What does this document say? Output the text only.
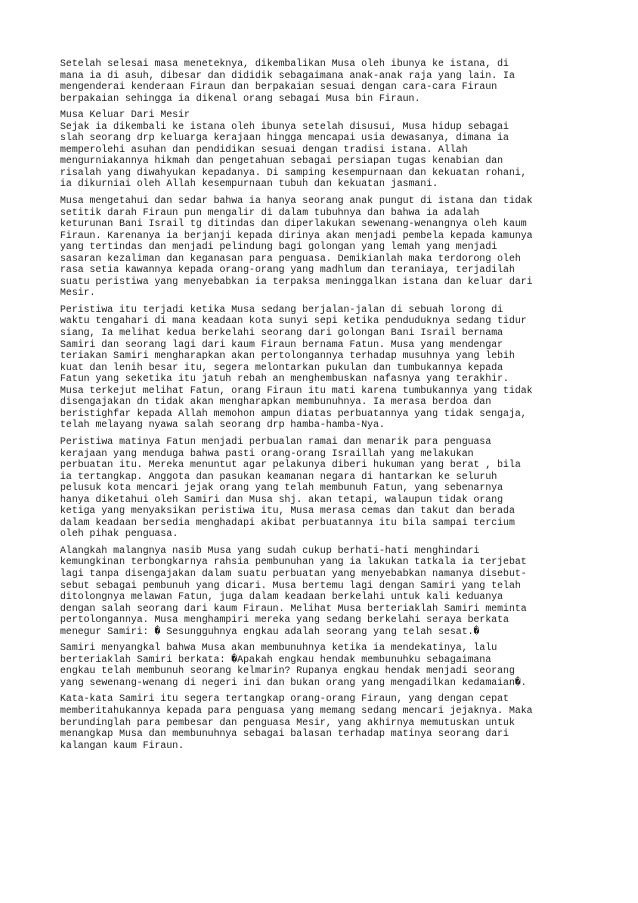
Setelah selesai masa meneteknya, dikembalikan Musa oleh ibunya ke istana, di
mana ia di asuh, dibesar dan dididik sebagaimana anak-anak raja yang lain. Ia
mengenderai kenderaan Firaun dan berpakaian sesuai dengan cara-cara Firaun
berpakaian sehingga ia dikenal orang sebagai Musa bin Firaun.

Musa Keluar Dari Mesir
Sejak ia dikembali ke istana oleh ibunya setelah disusui, Musa hidup sebagai
slah seorang drp keluarga kerajaan hingga mencapai usia dewasanya, dimana ia
memperolehi asuhan dan pendidikan sesuai dengan tradisi istana. Allah
mengurniakannya hikmah dan pengetahuan sebagai persiapan tugas kenabian dan
risalah yang diwahyukan kepadanya. Di samping kesempurnaan dan kekuatan rohani,
ia dikurniai oleh Allah kesempurnaan tubuh dan kekuatan jasmani.

Musa mengetahui dan sedar bahwa ia hanya seorang anak pungut di istana dan tidak
setitik darah Firaun pun mengalir di dalam tubuhnya dan bahwa ia adalah
keturunan Bani Israil tg ditindas dan diperlakukan sewenang-wenangnya oleh kaum
Firaun. Karenanya ia berjanji kepada dirinya akan menjadi pembela kepada kamunya
yang tertindas dan menjadi pelindung bagi golongan yang lemah yang menjadi
sasaran kezaliman dan keganasan para penguasa. Demikianlah maka terdorong oleh
rasa setia kawannya kepada orang-orang yang madhlum dan teraniaya, terjadilah
suatu peristiwa yang menyebabkan ia terpaksa meninggalkan istana dan keluar dari
Mesir.

Peristiwa itu terjadi ketika Musa sedang berjalan-jalan di sebuah lorong di
waktu tengahari di mana keadaan kota sunyi sepi ketika penduduknya sedang tidur
siang, Ia melihat kedua berkelahi seorang dari golongan Bani Israil bernama
Samiri dan seorang lagi dari kaum Firaun bernama Fatun. Musa yang mendengar
teriakan Samiri mengharapkan akan pertolongannya terhadap musuhnya yang lebih
kuat dan lenih besar itu, segera melontarkan pukulan dan tumbukannya kepada
Fatun yang seketika itu jatuh rebah an menghembuskan nafasnya yang terakhir.
Musa terkejut melihat Fatun, orang Firaun itu mati karena tumbukannya yang tidak
disengajakan dn tidak akan mengharapkan membunuhnya. Ia merasa berdoa dan
beristighfar kepada Allah memohon ampun diatas perbuatannya yang tidak sengaja,
telah melayang nyawa salah seorang drp hamba-hamba-Nya.

Peristiwa matinya Fatun menjadi perbualan ramai dan menarik para penguasa
kerajaan yang menduga bahwa pasti orang-orang Israillah yang melakukan
perbuatan itu. Mereka menuntut agar pelakunya diberi hukuman yang berat , bila
ia tertangkap. Anggota dan pasukan keamanan negara di hantarkan ke seluruh
pelusuk kota mencari jejak orang yang telah membunuh Fatun, yang sebenarnya
hanya diketahui oleh Samiri dan Musa shj. akan tetapi, walaupun tidak orang
ketiga yang menyaksikan peristiwa itu, Musa merasa cemas dan takut dan berada
dalam keadaan bersedia menghadapi akibat perbuatannya itu bila sampai tercium
oleh pihak penguasa.

Alangkah malangnya nasib Musa yang sudah cukup berhati-hati menghindari
kemungkinan terbongkarnya rahsia pembunuhan yang ia lakukan tatkala ia terjebat
lagi tanpa disengajakan dalam suatu perbuatan yang menyebabkan namanya disebut-
sebut sebagai pembunuh yang dicari. Musa bertemu lagi dengan Samiri yang telah
ditolongnya melawan Fatun, juga dalam keadaan berkelahi untuk kali keduanya
dengan salah seorang dari kaum Firaun. Melihat Musa berteriaklah Samiri meminta
pertolongannya. Musa menghampiri mereka yang sedang berkelahi seraya berkata
menegur Samiri: � Sesungguhnya engkau adalah seorang yang telah sesat.�

Samiri menyangkal bahwa Musa akan membunuhnya ketika ia mendekatinya, lalu
berteriaklah Samiri berkata: �Apakah engkau hendak membunuhku sebagaimana
engkau telah membunuh seorang kelmarin? Rupanya engkau hendak menjadi seorang
yang sewenang-wenang di negeri ini dan bukan orang yang mengadilkan kedamaian�.

Kata-kata Samiri itu segera tertangkap orang-orang Firaun, yang dengan cepat
memberitahukannya kepada para penguasa yang memang sedang mencari jejaknya. Maka
berundinglah para pembesar dan penguasa Mesir, yang akhirnya memutuskan untuk
menangkap Musa dan membunuhnya sebagai balasan terhadap matinya seorang dari
kalangan kaum Firaun.
